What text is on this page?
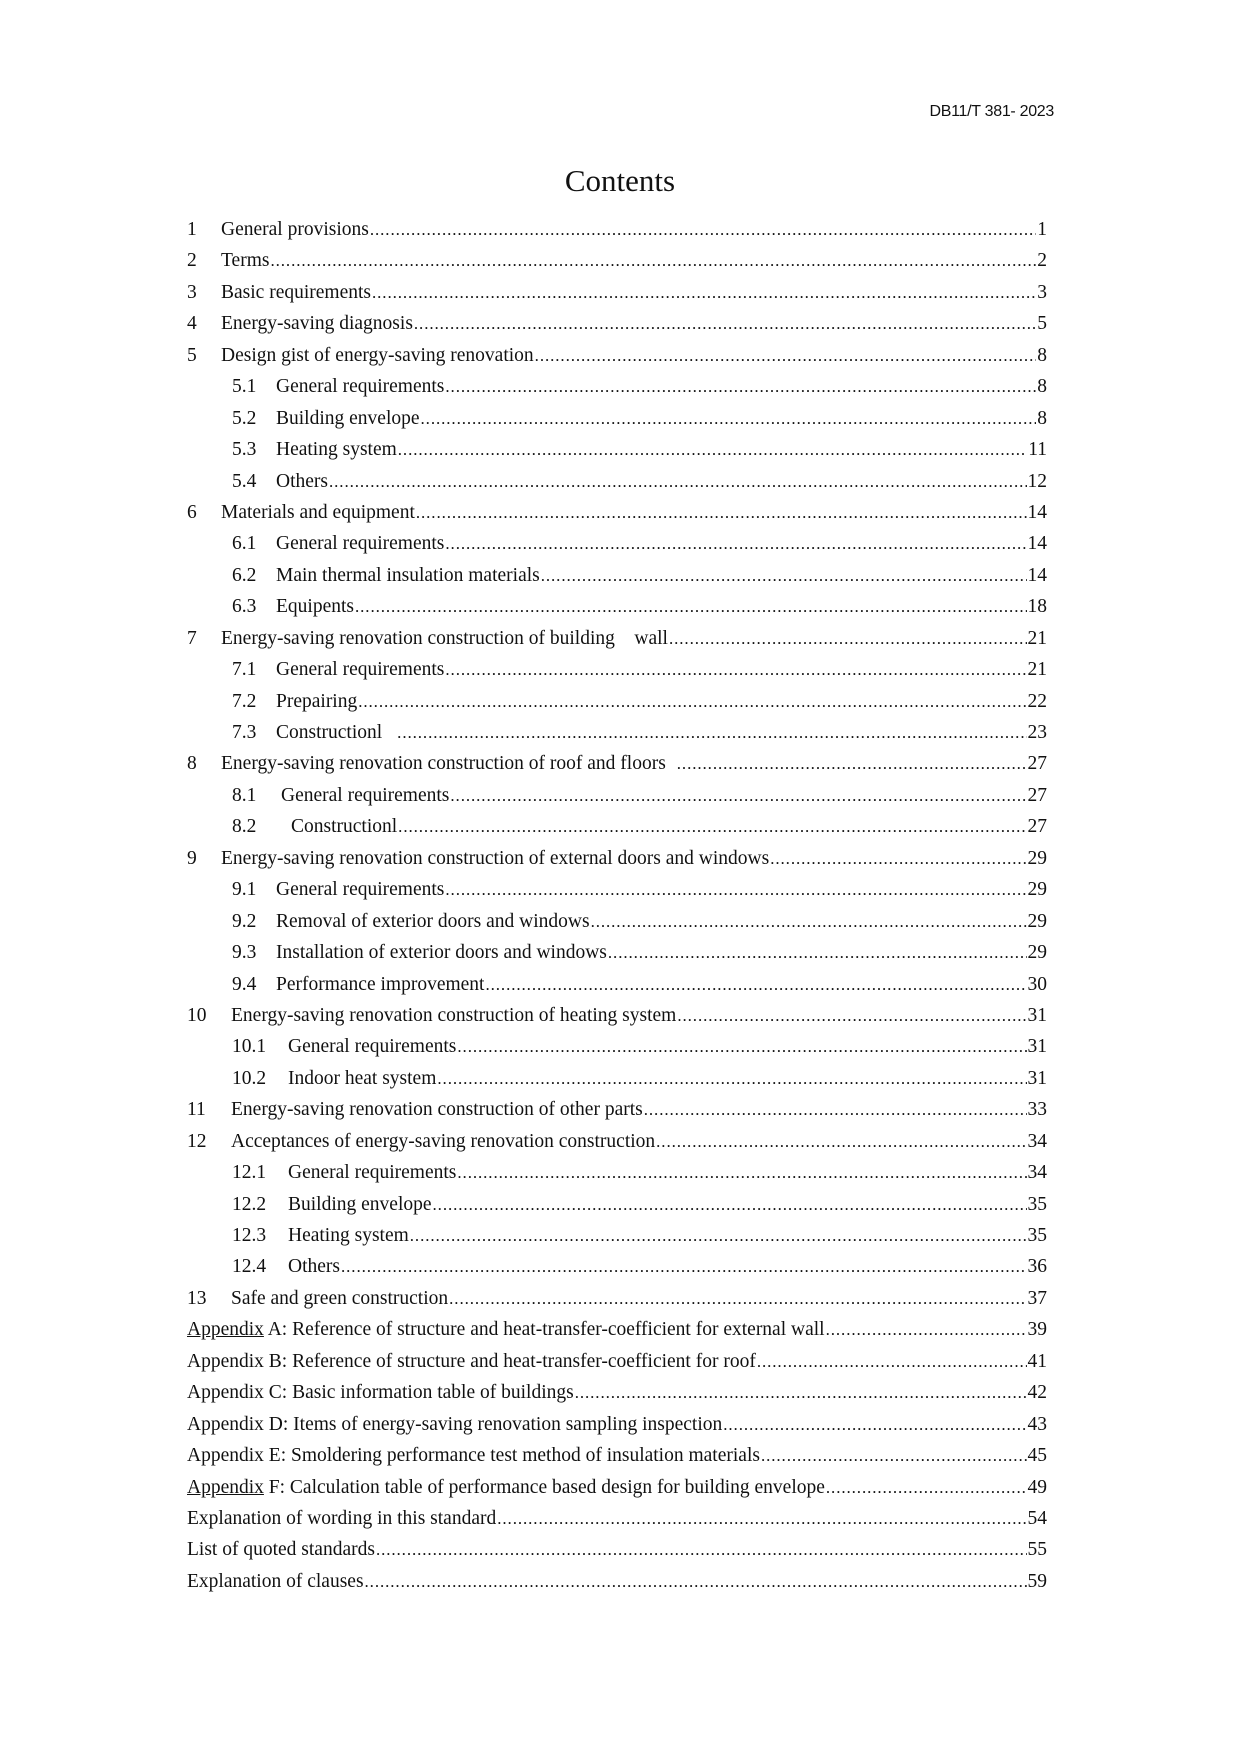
DB11/T 381- 2023
Contents
1	General provisions .....	1
2	Terms .....	2
3	Basic requirements .....	3
4	Energy-saving diagnosis .....	5
5	Design gist of energy-saving renovation .....	8
5.1	General requirements .....	8
5.2	Building envelope .....	8
5.3	Heating system .....	11
5.4	Others .....	12
6	Materials and equipment .....	14
6.1	General requirements .....	14
6.2	Main thermal insulation materials .....	14
6.3	Equipents .....	18
7	Energy-saving renovation construction of building    wall .....	21
7.1	General requirements .....	21
7.2	Prepairing .....	22
7.3	Constructionl .....	23
8	Energy-saving renovation construction of roof and floors .....	27
8.1	General requirements .....	27
8.2	Constructionl .....	27
9	Energy-saving renovation construction of external doors and windows .....	29
9.1	General requirements .....	29
9.2	Removal of exterior doors and windows .....	29
9.3	Installation of exterior doors and windows .....	29
9.4	Performance improvement .....	30
10	Energy-saving renovation construction of heating system .....	31
10.1	General requirements .....	31
10.2	Indoor heat system .....	31
11	Energy-saving renovation construction of other parts .....	33
12	Acceptances of energy-saving renovation construction .....	34
12.1	General requirements .....	34
12.2	Building envelope .....	35
12.3	Heating system .....	35
12.4	Others .....	36
13	Safe and green construction .....	37
Appendix A: Reference of structure and heat-transfer-coefficient for external wall .....	39
Appendix B: Reference of structure and heat-transfer-coefficient for roof .....	41
Appendix C: Basic information table of buildings .....	42
Appendix D: Items of energy-saving renovation sampling inspection .....	43
Appendix E: Smoldering performance test method of insulation materials .....	45
Appendix F: Calculation table of performance based design for building envelope .....	49
Explanation of wording in this standard .....	54
List of quoted standards .....	55
Explanation of clauses .....	59
